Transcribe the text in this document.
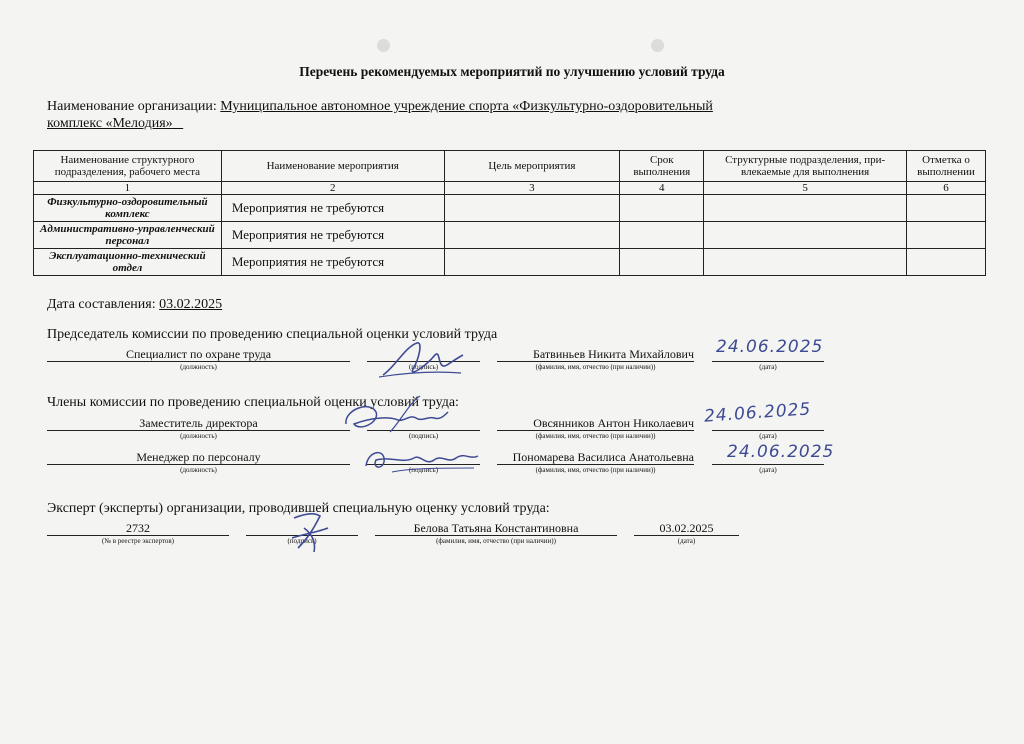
Перечень рекомендуемых мероприятий по улучшению условий труда
Наименование организации: Муниципальное автономное учреждение спорта «Физкультурно-оздоровительный
комплекс «Мелодия»
Наименование структурного подразделения, рабочего места	Наименование мероприятия	Цель мероприятия	Срок выполнения	Структурные подразделения, при-влекаемые для выполнения	Отметка о выполнении
1	2	3	4	5	6
Физкультурно-оздоровительный комплекс	Мероприятия не требуются				
Административно-управленческий персонал	Мероприятия не требуются				
Эксплуатационно-технический отдел	Мероприятия не требуются				
Дата составления: 03.02.2025
Председатель комиссии по проведению специальной оценки условий труда
Специалист по охране труда
(должность)	(подпись)
Батвиньев Никита Михайлович
(фамилия, имя, отчество (при наличии))	(дата)
24.06.2025
Члены комиссии по проведению специальной оценки условий труда:
Заместитель директора
(должность)	(подпись)
Овсянников Антон Николаевич
(фамилия, имя, отчество (при наличии))	(дата)
24.06.2025
Менеджер по персоналу
(должность)	(подпись)
Пономарева Василиса Анатольевна
(фамилия, имя, отчество (при наличии))	(дата)
24.06.2025
Эксперт (эксперты) организации, проводившей специальную оценку условий труда:
2732
(№ в реестре экспертов)	(подпись)
Белова Татьяна Константиновна
(фамилия, имя, отчество (при наличии))
03.02.2025
(дата)
